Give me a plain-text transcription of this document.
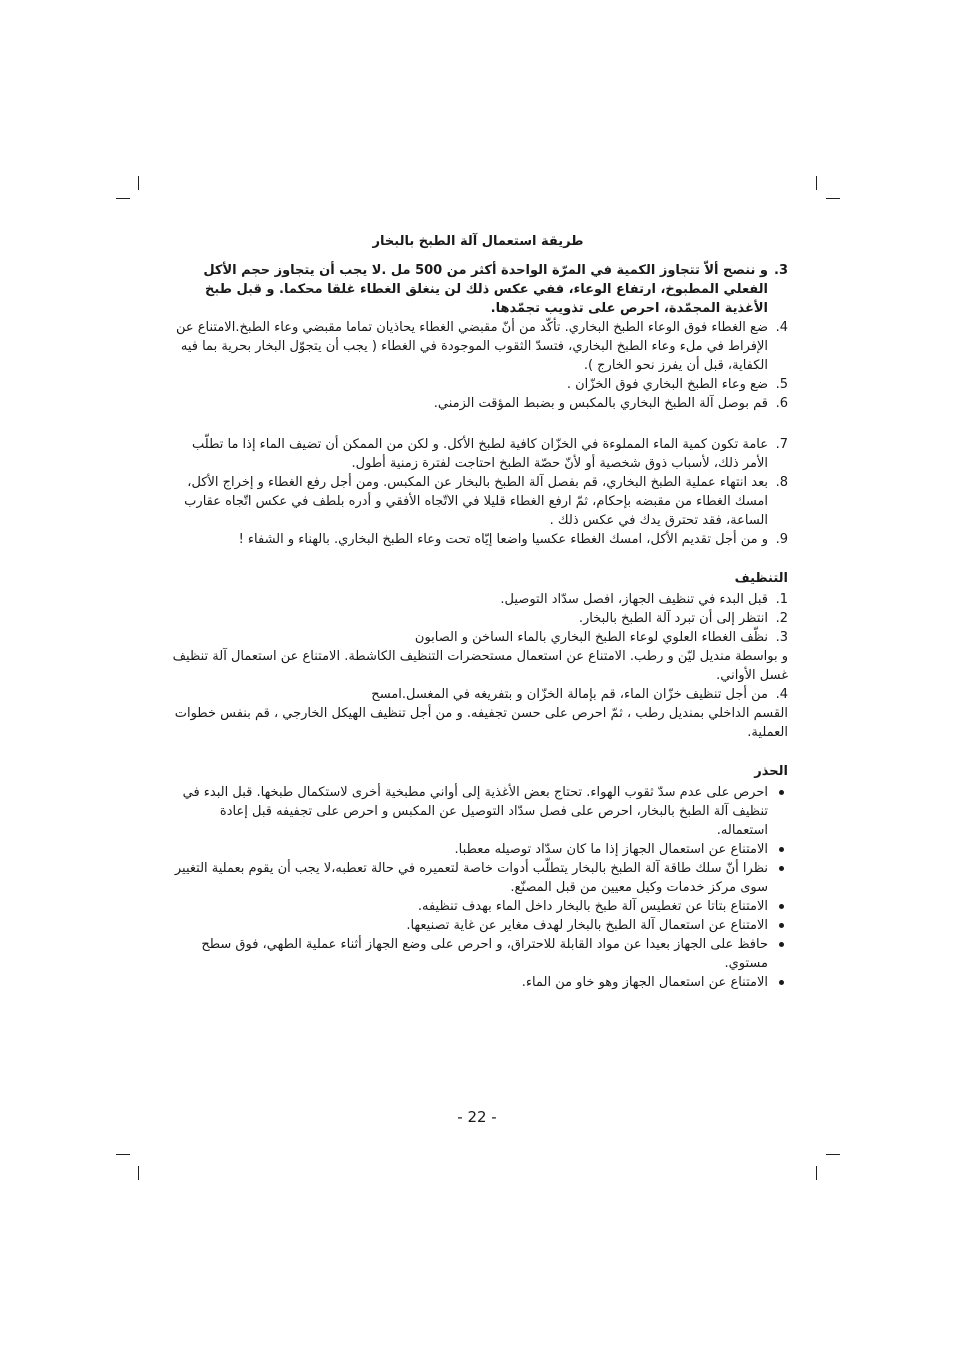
طريقة استعمال آلة الطبخ بالبخار
3.
و ننصح ألاّ تتجاوز الكمية في المرّة الواحدة أكثر من 500 مل .لا يجب أن يتجاوز حجم الأكل الفعلي المطبوخ، ارتفاع الوعاء، ففي عكس ذلك لن ينغلق الغطاء غلقا محكما. و قبل طبخ الأغذية المجمّدة، احرص على تذويب تجمّدها.
4.
ضع الغطاء فوق الوعاء الطبخ البخاري. تأكّد من أنّ مقبضي الغطاء يحاذيان تماما مقبضي وعاء الطبخ.الامتناع عن الإفراط في ملء وعاء الطبخ البخاري، فتسدّ الثقوب الموجودة في الغطاء ( يجب أن يتجوّل البخار بحرية بما فيه الكفاية، قبل أن يفرز نحو الخارج ).
5.
ضع وعاء الطبخ البخاري فوق الخزّان .
6.
قم بوصل آلة الطبخ البخاري بالمكبس و بضبط المؤقت الزمني.
7.
عامة تكون كمية الماء المملوءة في الخزّان كافية لطبخ الأكل. و لكن من الممكن أن تضيف الماء إذا ما تطلّب الأمر ذلك، لأسباب ذوق شخصية أو لأنّ حصّة الطبخ احتاجت لفترة زمنية أطول.
8.
بعد انتهاء عملية الطبخ البخاري، قم بفصل آلة الطبخ بالبخار عن المكبس. ومن أجل رفع الغطاء و إخراج الأكل، امسك الغطاء من مقبضه بإحكام، ثمّ ارفع الغطاء قليلا في الاتّجاه الأفقي و أدره بلطف في عكس اتّجاه عقارب الساعة، فقد تحترق يدك في عكس ذلك .
9.
و من أجل تقديم الأكل، امسك الغطاء عكسيا واضعا إيّاه تحت وعاء الطبخ البخاري. بالهناء و الشفاء !
التنظيف
1.
قبل البدء في تنظيف الجهاز، افصل سدّاد التوصيل.
2.
انتظر إلى أن تبرد آلة الطبخ بالبخار.
3.
نظّف الغطاء العلوي لوعاء الطبخ البخاري بالماء الساخن و الصابون
و بواسطة منديل ليّن و رطب. الامتناع عن استعمال مستحضرات التنظيف الكاشطة. الامتناع عن استعمال آلة تنظيف غسل الأواني.
4.
من أجل تنظيف خزّان الماء، قم بإمالة الخزّان و بتفريغه في المغسل.امسح
القسم الداخلي بمنديل رطب ، ثمّ احرص على حسن تجفيفه. و من أجل تنظيف الهيكل الخارجي ، قم بنفس خطوات العملية.
الحذر
احرص على عدم سدّ ثقوب الهواء. تحتاج بعض الأغذية إلى أواني مطبخية أخرى لاستكمال طبخها. قبل البدء في تنظيف آلة الطبخ بالبخار، احرص على فصل سدّاد التوصيل عن المكبس و احرص على تجفيفه قبل إعادة استعماله.
الامتناع عن استعمال الجهاز إذا ما كان سدّاد توصيله معطبا.
نظرا أنّ سلك طاقة آلة الطبخ بالبخار يتطلّب أدوات خاصة لتعميره في حالة تعطبه،لا يجب أن يقوم بعملية التغيير سوى مركز خدمات وكيل معيين من قبل المصنّع.
الامتناع بتاتا عن تغطيس آلة طبخ بالبخار داخل الماء بهدف تنظيفه.
الامتناع عن استعمال آلة الطبخ بالبخار لهدف مغاير عن غاية تصنيعها.
حافظ على الجهاز بعيدا عن مواد القابلة للاحتراق، و احرص على وضع الجهاز أثناء عملية الطهي، فوق سطح مستوي.
الامتناع عن استعمال الجهاز وهو خاو من الماء.
- 22 -
